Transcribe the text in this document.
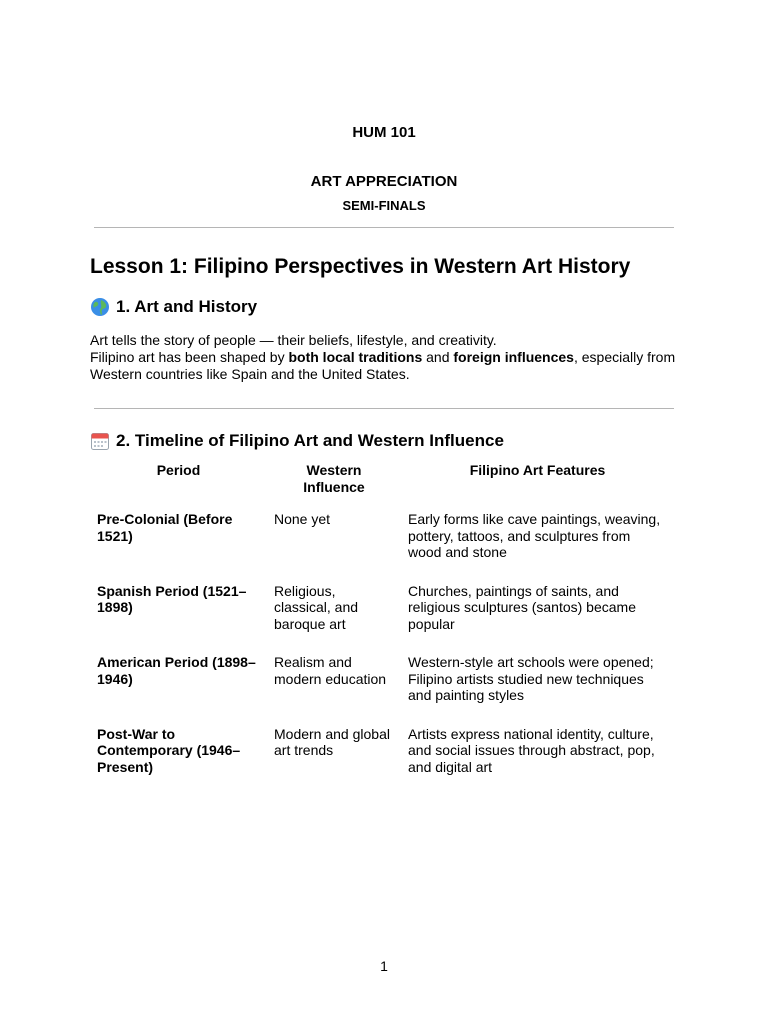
HUM 101
ART APPRECIATION
SEMI-FINALS
Lesson 1: Filipino Perspectives in Western Art History
1. Art and History

Art tells the story of people — their beliefs, lifestyle, and creativity.

Filipino art has been shaped by both local traditions and foreign influences, especially from Western countries like Spain and the United States.

2. Timeline of Filipino Art and Western Influence
Period	Western Influence	Filipino Art Features
Pre-Colonial (Before 1521)	None yet	Early forms like cave paintings, weaving, pottery, tattoos, and sculptures from wood and stone
Spanish Period (1521–1898)	Religious, classical, and baroque art	Churches, paintings of saints, and religious sculptures (santos) became popular
American Period (1898–1946)	Realism and modern education	Western-style art schools were opened; Filipino artists studied new techniques and painting styles
Post-War to Contemporary (1946–Present)	Modern and global art trends	Artists express national identity, culture, and social issues through abstract, pop, and digital art
1
